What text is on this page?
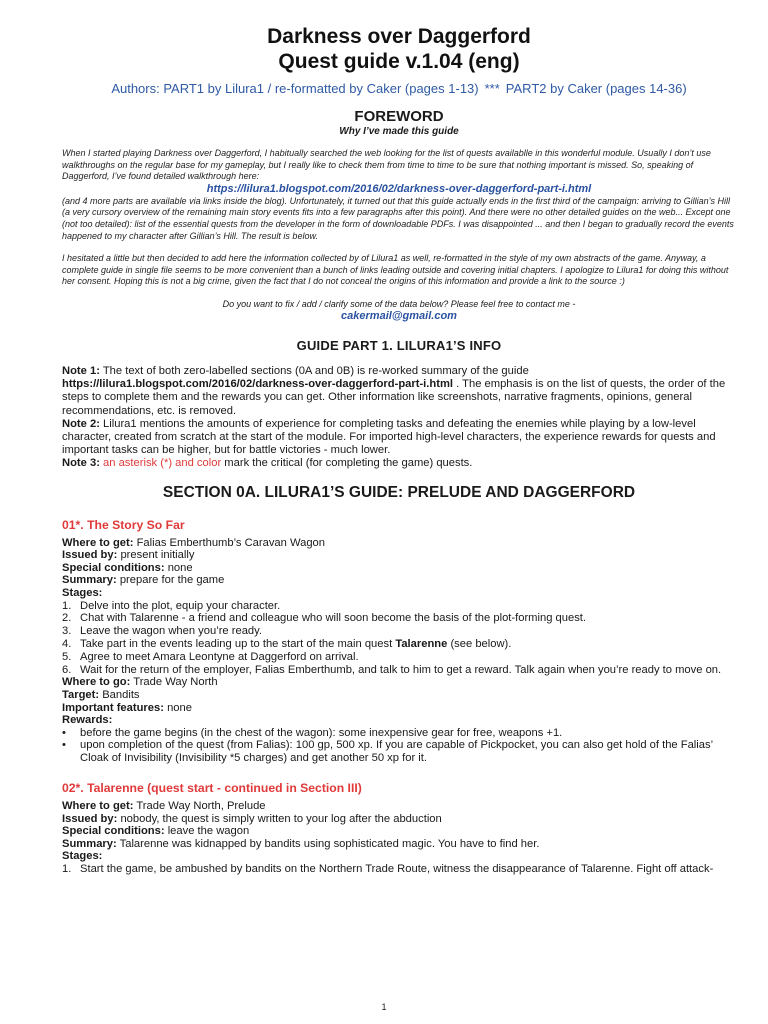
Darkness over Daggerford
Quest guide v.1.04 (eng)
Authors: PART1 by Lilura1 / re-formatted by Caker (pages 1-13) *** PART2 by Caker (pages 14-36)
FOREWORD
Why I’ve made this guide

When I started playing Darkness over Daggerford, I habitually searched the web looking for the list of quests availablle in this wonderful module. Usually I don’t use walkthroughs on the regular base for my gameplay, but I really like to check them from time to time to be sure that nothing important is missed. So, speaking of Daggerford, I’ve found detailed walkthrough here:

https://lilura1.blogspot.com/2016/02/darkness-over-daggerford-part-i.html

(and 4 more parts are available via links inside the blog). Unfortunately, it turned out that this guide actually ends in the first third of the campaign: arriving to Gillian’s Hill (a very cursory overview of the remaining main story events fits into a few paragraphs after this point). And there were no other detailed guides on the web... Except one (not too detailed): list of the essential quests from the developer in the form of downloadable PDFs. I was disappointed ... and then I began to gradually record the events happened to my character after Gillian’s Hill. The result is below.

I hesitated a little but then decided to add here the information collected by of Lilura1 as well, re-formatted in the style of my own abstracts of the game. Anyway, a complete guide in single file seems to be more convenient than a bunch of links leading outside and covering initial chapters. I apologize to Lilura1 for doing this without her consent. Hoping this is not a big crime, given the fact that I do not conceal the origins of this information and provide a link to the source :)

Do you want to fix / add / clarify some of the data below? Please feel free to contact me -
cakermail@gmail.com
GUIDE PART 1. LILURA1’S INFO

Note 1: The text of both zero-labelled sections (0A and 0B) is re-worked summary of the guide https://lilura1.blogspot.com/2016/02/darkness-over-daggerford-part-i.html . The emphasis is on the list of quests, the order of the steps to complete them and the rewards you can get. Other information like screenshots, narrative fragments, opinions, general recommendations, etc. is removed.

Note 2: Lilura1 mentions the amounts of experience for completing tasks and defeating the enemies while playing by a low-level character, created from scratch at the start of the module. For imported high-level characters, the experience rewards for quests and important tasks can be higher, but for battle victories - much lower.

Note 3: an asterisk (*) and color mark the critical (for completing the game) quests.

SECTION 0A. LILURA1’S GUIDE: PRELUDE AND DAGGERFORD
01*. The Story So Far
Where to get: Falias Emberthumb’s Caravan Wagon
Issued by: present initially
Special conditions: none
Summary: prepare for the game
Stages:
1. Delve into the plot, equip your character.
2. Chat with Talarenne - a friend and colleague who will soon become the basis of the plot-forming quest.
3. Leave the wagon when you’re ready.
4. Take part in the events leading up to the start of the main quest Talarenne (see below).
5. Agree to meet Amara Leontyne at Daggerford on arrival.
6. Wait for the return of the employer, Falias Emberthumb, and talk to him to get a reward. Talk again when you’re ready to move on.
Where to go: Trade Way North
Target: Bandits
Important features: none
Rewards:
• before the game begins (in the chest of the wagon): some inexpensive gear for free, weapons +1.
• upon completion of the quest (from Falias): 100 gp, 500 xp. If you are capable of Pickpocket, you can also get hold of the Falias’ Cloak of Invisibility (Invisibility *5 charges) and get another 50 xp for it.
02*. Talarenne (quest start - continued in Section III)
Where to get: Trade Way North, Prelude
Issued by: nobody, the quest is simply written to your log after the abduction
Special conditions: leave the wagon
Summary: Talarenne was kidnapped by bandits using sophisticated magic. You have to find her.
Stages:
1. Start the game, be ambushed by bandits on the Northern Trade Route, witness the disappearance of Talarenne. Fight off attack-
1
